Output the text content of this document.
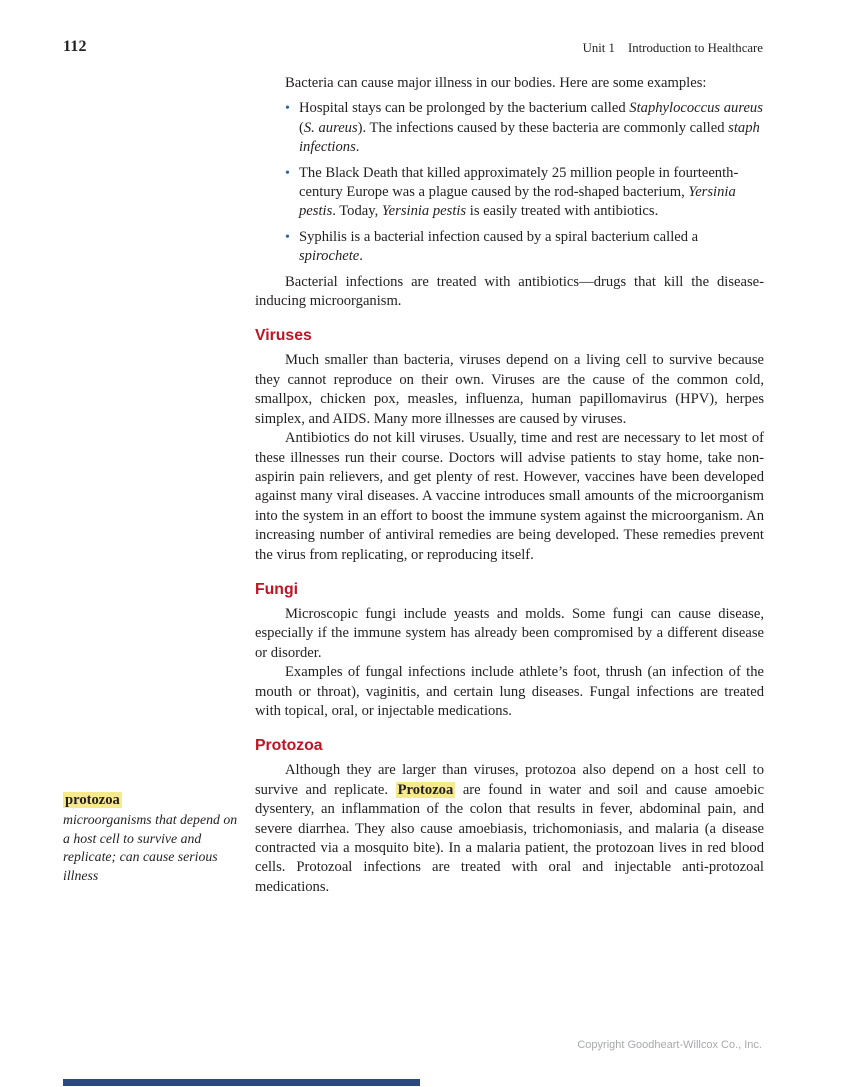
112	Unit 1 Introduction to Healthcare

Bacteria can cause major illness in our bodies. Here are some examples:

• Hospital stays can be prolonged by the bacterium called Staphylococcus aureus (S. aureus). The infections caused by these bacteria are commonly called staph infections.
• The Black Death that killed approximately 25 million people in fourteenth-century Europe was a plague caused by the rod-shaped bacterium, Yersinia pestis. Today, Yersinia pestis is easily treated with antibiotics.
• Syphilis is a bacterial infection caused by a spiral bacterium called a spirochete.

Bacterial infections are treated with antibiotics—drugs that kill the disease-inducing microorganism.

Viruses

Much smaller than bacteria, viruses depend on a living cell to survive because they cannot reproduce on their own. Viruses are the cause of the common cold, smallpox, chicken pox, measles, influenza, human papillomavirus (HPV), herpes simplex, and AIDS. Many more illnesses are caused by viruses.

Antibiotics do not kill viruses. Usually, time and rest are necessary to let most of these illnesses run their course. Doctors will advise patients to stay home, take non-aspirin pain relievers, and get plenty of rest. However, vaccines have been developed against many viral diseases. A vaccine introduces small amounts of the microorganism into the system in an effort to boost the immune system against the microorganism. An increasing number of antiviral remedies are being developed. These remedies prevent the virus from replicating, or reproducing itself.

Fungi

Microscopic fungi include yeasts and molds. Some fungi can cause disease, especially if the immune system has already been compromised by a different disease or disorder.

Examples of fungal infections include athlete’s foot, thrush (an infection of the mouth or throat), vaginitis, and certain lung diseases. Fungal infections are treated with topical, oral, or injectable medications.

Protozoa

Although they are larger than viruses, protozoa also depend on a host cell to survive and replicate. Protozoa are found in water and soil and cause amoebic dysentery, an inflammation of the colon that results in fever, abdominal pain, and severe diarrhea. They also cause amoebiasis, trichomoniasis, and malaria (a disease contracted via a mosquito bite). In a malaria patient, the protozoan lives in red blood cells. Protozoal infections are treated with oral and injectable anti-protozoal medications.

protozoa
microorganisms that depend on a host cell to survive and replicate; can cause serious illness
Copyright Goodheart-Willcox Co., Inc.
